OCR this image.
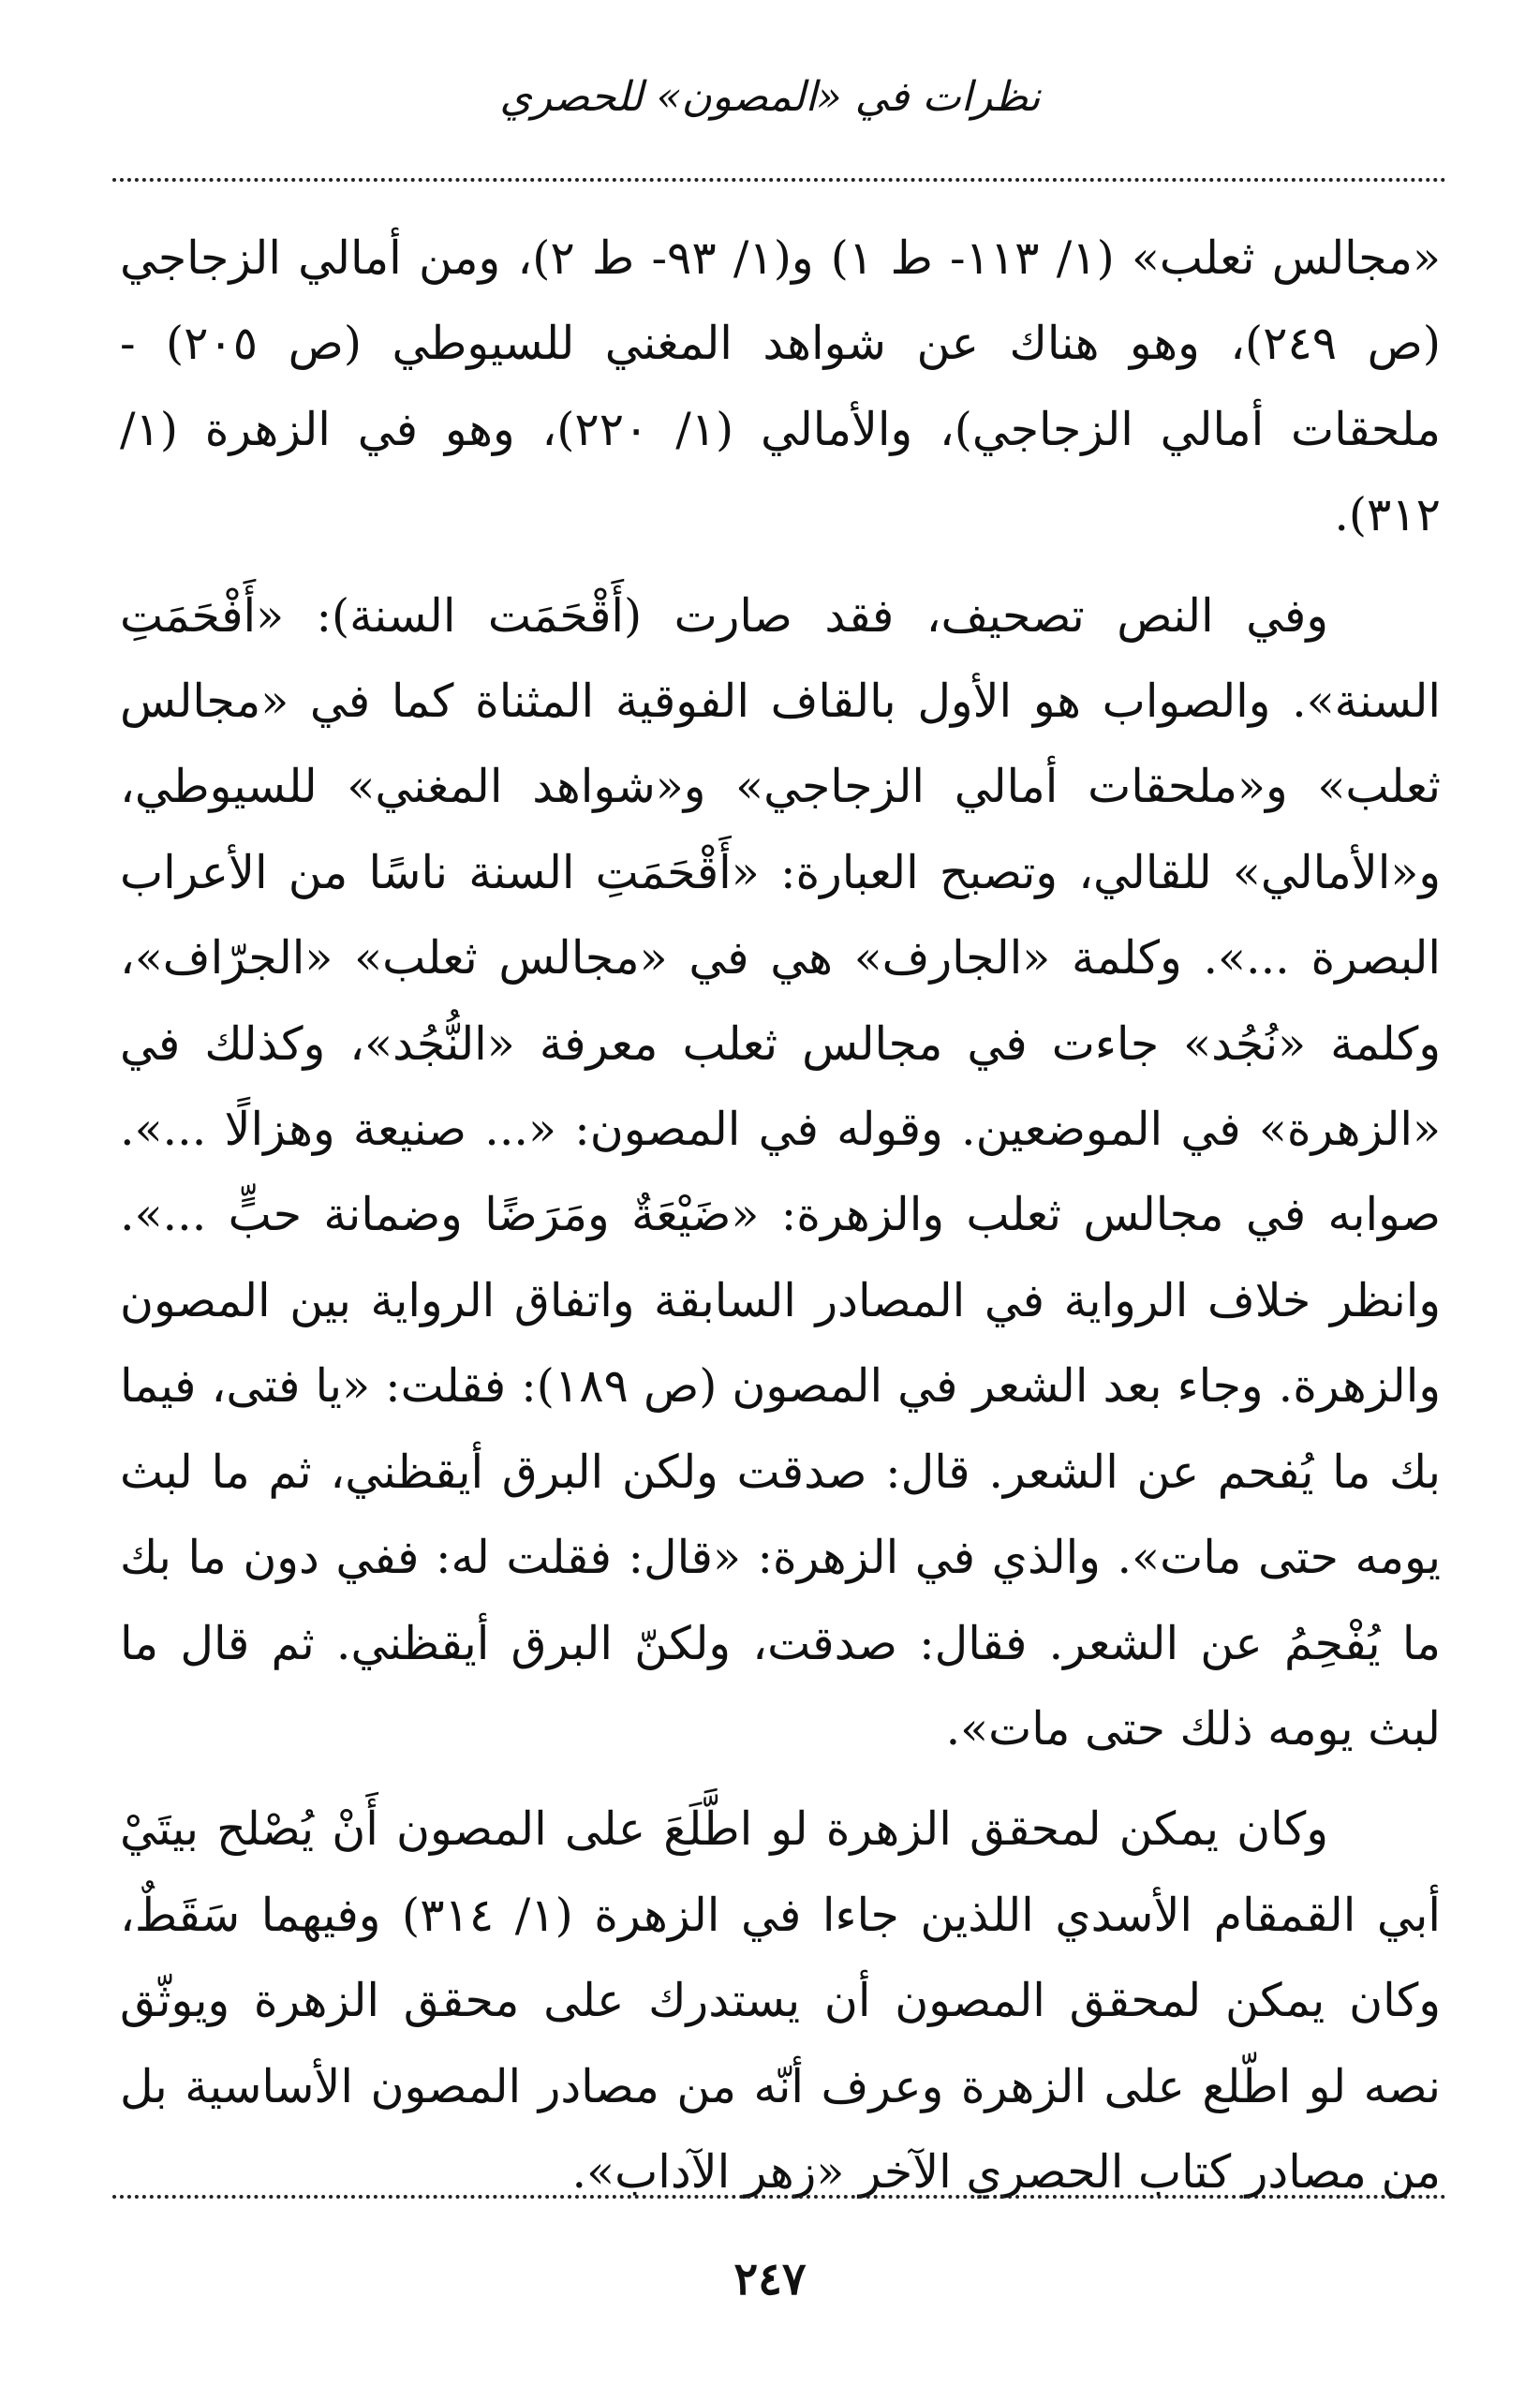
نظرات في «المصون» للحصري

«مجالس ثعلب» (١/ ١١٣- ط ١) و(١/ ٩٣- ط ٢)، ومن أمالي الزجاجي (ص ٢٤٩)، وهو هناك عن شواهد المغني للسيوطي (ص ٢٠٥) - ملحقات أمالي الزجاجي)، والأمالي (١/ ٢٢٠)، وهو في الزهرة (١/ ٣١٢).

وفي النص تصحيف، فقد صارت (أَقْحَمَت السنة): «أَفْحَمَتِ السنة». والصواب هو الأول بالقاف الفوقية المثناة كما في «مجالس ثعلب» و«ملحقات أمالي الزجاجي» و«شواهد المغني» للسيوطي، و«الأمالي» للقالي، وتصبح العبارة: «أَقْحَمَتِ السنة ناسًا من الأعراب البصرة ...». وكلمة «الجارف» هي في «مجالس ثعلب» «الجرّاف»، وكلمة «نُجُد» جاءت في مجالس ثعلب معرفة «النُّجُد»، وكذلك في «الزهرة» في الموضعين. وقوله في المصون: «... صنيعة وهزالًا ...». صوابه في مجالس ثعلب والزهرة: «ضَيْعَةٌ ومَرَضًا وضمانة حبٍّ ...». وانظر خلاف الرواية في المصادر السابقة واتفاق الرواية بين المصون والزهرة. وجاء بعد الشعر في المصون (ص ١٨٩): فقلت: «يا فتى، فيما بك ما يُفحم عن الشعر. قال: صدقت ولكن البرق أيقظني، ثم ما لبث يومه حتى مات». والذي في الزهرة: «قال: فقلت له: ففي دون ما بك ما يُفْحِمُ عن الشعر. فقال: صدقت، ولكنّ البرق أيقظني. ثم قال ما لبث يومه ذلك حتى مات».

وكان يمكن لمحقق الزهرة لو اطَّلَعَ على المصون أَنْ يُصْلح بيتَيْ أبي القمقام الأسدي اللذين جاءا في الزهرة (١/ ٣١٤) وفيهما سَقَطٌ، وكان يمكن لمحقق المصون أن يستدرك على محقق الزهرة ويوثّق نصه لو اطّلع على الزهرة وعرف أنّه من مصادر المصون الأساسية بل من مصادر كتاب الحصري الآخر «زهر الآداب».

٢٤٧
